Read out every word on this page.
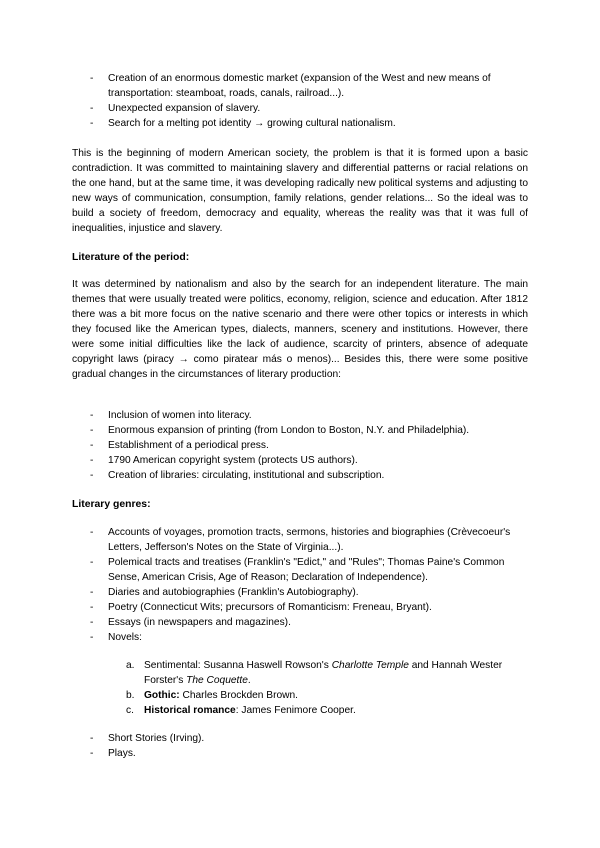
- Creation of an enormous domestic market (expansion of the West and new means of transportation: steamboat, roads, canals, railroad...).
- Unexpected expansion of slavery.
- Search for a melting pot identity → growing cultural nationalism.

This is the beginning of modern American society, the problem is that it is formed upon a basic contradiction. It was committed to maintaining slavery and differential patterns or racial relations on the one hand, but at the same time, it was developing radically new political systems and adjusting to new ways of communication, consumption, family relations, gender relations... So the ideal was to build a society of freedom, democracy and equality, whereas the reality was that it was full of inequalities, injustice and slavery.

Literature of the period:

It was determined by nationalism and also by the search for an independent literature. The main themes that were usually treated were politics, economy, religion, science and education. After 1812 there was a bit more focus on the native scenario and there were other topics or interests in which they focused like the American types, dialects, manners, scenery and institutions. However, there were some initial difficulties like the lack of audience, scarcity of printers, absence of adequate copyright laws (piracy → como piratear más o menos)... Besides this, there were some positive gradual changes in the circumstances of literary production:

- Inclusion of women into literacy.
- Enormous expansion of printing (from London to Boston, N.Y. and Philadelphia).
- Establishment of a periodical press.
- 1790 American copyright system (protects US authors).
- Creation of libraries: circulating, institutional and subscription.

Literary genres:

- Accounts of voyages, promotion tracts, sermons, histories and biographies (Crèvecoeur's Letters, Jefferson's Notes on the State of Virginia...).
- Polemical tracts and treatises (Franklin's "Edict," and "Rules"; Thomas Paine's Common Sense, American Crisis, Age of Reason; Declaration of Independence).
- Diaries and autobiographies (Franklin's Autobiography).
- Poetry (Connecticut Wits; precursors of Romanticism: Freneau, Bryant).
- Essays (in newspapers and magazines).
- Novels:
a. Sentimental: Susanna Haswell Rowson's Charlotte Temple and Hannah Wester Forster's The Coquette.
b. Gothic: Charles Brockden Brown.
c. Historical romance: James Fenimore Cooper.
- Short Stories (Irving).
- Plays.
